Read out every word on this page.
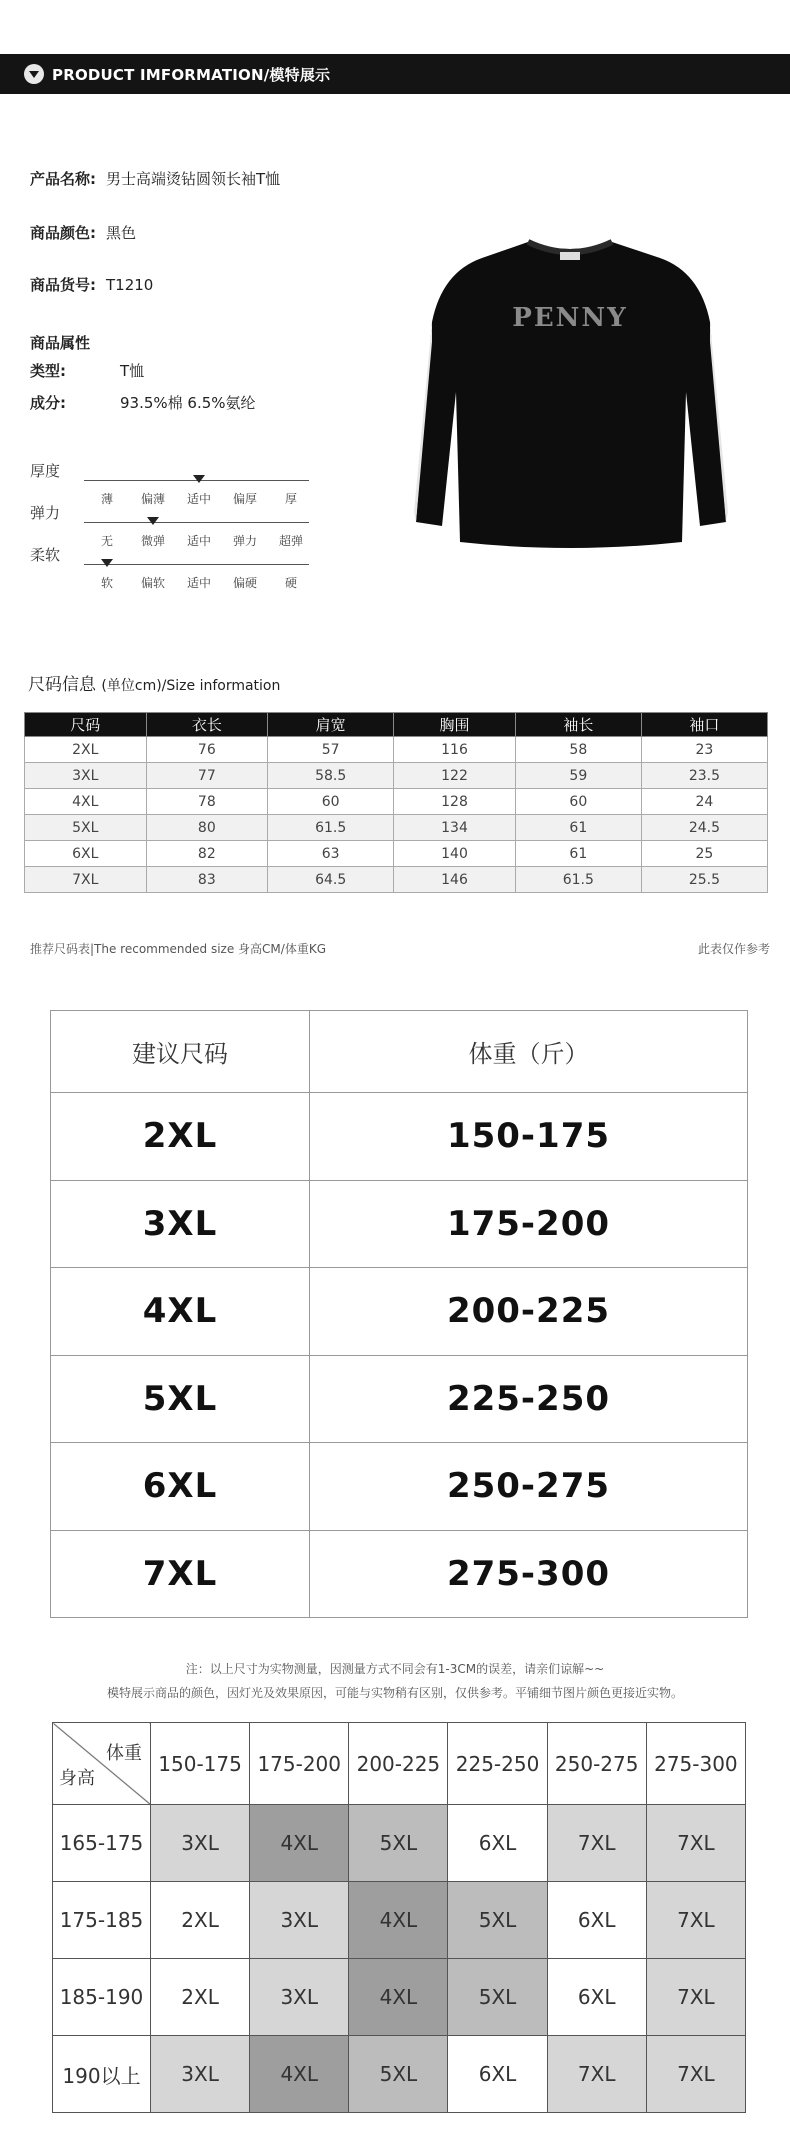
PRODUCT IMFORMATION/模特展示
产品名称: 男士高端烫钻圆领长袖T恤
商品颜色: 黑色
商品货号: T1210
商品属性
类型:	T恤
成分:	93.5%棉 6.5%氨纶
厚度
薄	偏薄	适中	偏厚	厚
弹力
无	微弹	适中	弹力	超弹
柔软
软	偏软	适中	偏硬	硬
PENNY
尺码信息 (单位cm)/Size information
尺码	衣长	肩宽	胸围	袖长	袖口
2XL	76	57	116	58	23
3XL	77	58.5	122	59	23.5
4XL	78	60	128	60	24
5XL	80	61.5	134	61	24.5
6XL	82	63	140	61	25
7XL	83	64.5	146	61.5	25.5
推荐尺码表|The recommended size 身高CM/体重KG	此表仅作参考
建议尺码	体重（斤）
2XL	150-175
3XL	175-200
4XL	200-225
5XL	225-250
6XL	250-275
7XL	275-300
注：以上尺寸为实物测量，因测量方式不同会有1-3CM的误差，请亲们谅解~~
模特展示商品的颜色，因灯光及效果原因，可能与实物稍有区别，仅供参考。平铺细节图片颜色更接近实物。
体重
身高	150-175	175-200	200-225	225-250	250-275	275-300
165-175	3XL	4XL	5XL	6XL	7XL	7XL
175-185	2XL	3XL	4XL	5XL	6XL	7XL
185-190	2XL	3XL	4XL	5XL	6XL	7XL
190以上	3XL	4XL	5XL	6XL	7XL	7XL
